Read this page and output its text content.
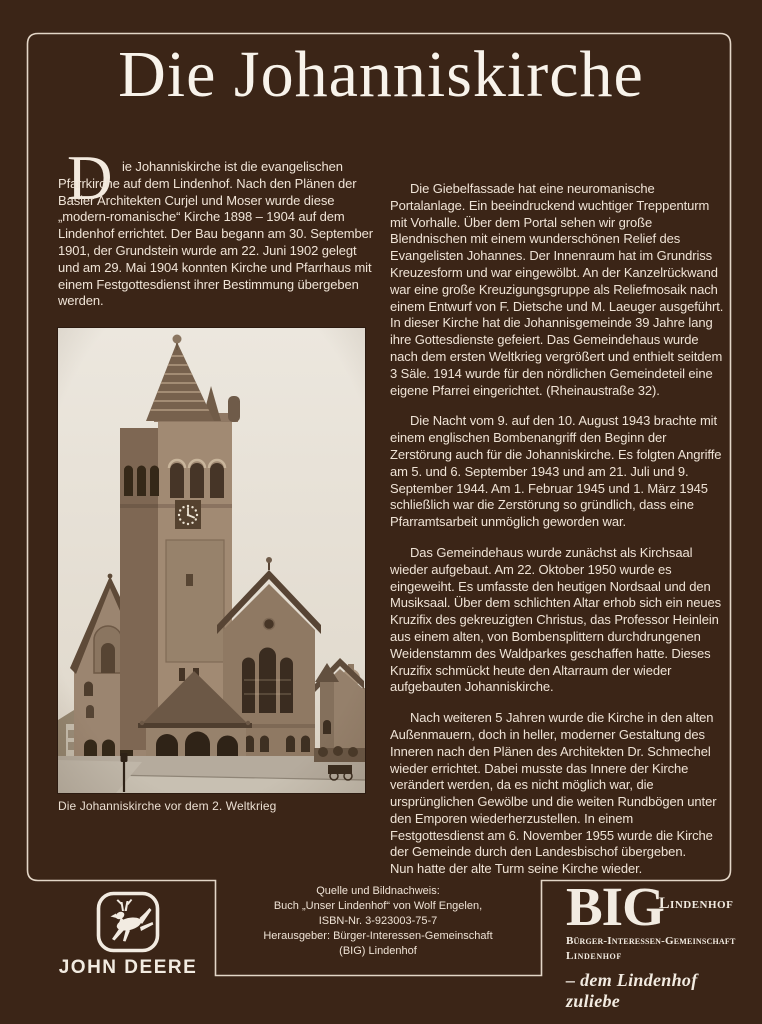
Die Johanniskirche
D ie Johanniskirche ist die evangelischen Pfarrkirche auf dem Lindenhof. Nach den Plänen der Basler Architekten Curjel und Moser wurde diese „modern-romanische“ Kirche 1898 – 1904 auf dem Lindenhof errichtet. Der Bau begann am 30. September 1901, der Grundstein wurde am 22. Juni 1902 gelegt und am 29. Mai 1904 konnten Kirche und Pfarrhaus mit einem Festgottesdienst ihrer Bestimmung übergeben werden.

Die Johanniskirche vor dem 2. Weltkrieg

Die Giebelfassade hat eine neuromanische Portalanlage. Ein beeindruckend wuchtiger Treppenturm mit Vorhalle. Über dem Portal sehen wir große Blendnischen mit einem wunderschönen Relief des Evangelisten Johannes. Der Innenraum hat im Grundriss Kreuzesform und war eingewölbt. An der Kanzelrückwand war eine große Kreuzigungsgruppe als Reliefmosaik nach einem Entwurf von F. Dietsche und M. Laeuger ausgeführt. In dieser Kirche hat die Johannisgemeinde 39 Jahre lang ihre Gottesdienste gefeiert. Das Gemeindehaus wurde nach dem ersten Weltkrieg vergrößert und enthielt seitdem 3 Säle. 1914 wurde für den nördlichen Gemeindeteil eine eigene Pfarrei eingerichtet. (Rheinaustraße 32).

Die Nacht vom 9. auf den 10. August 1943 brachte mit einem englischen Bombenangriff den Beginn der Zerstörung auch für die Johanniskirche. Es folgten Angriffe am 5. und 6. September 1943 und am 21. Juli und 9. September 1944. Am 1. Februar 1945 und 1. März 1945 schließlich war die Zerstörung so gründlich, dass eine Pfarramtsarbeit unmöglich geworden war.

Das Gemeindehaus wurde zunächst als Kirchsaal wieder aufgebaut. Am 22. Oktober 1950 wurde es eingeweiht. Es umfasste den heutigen Nordsaal und den Musiksaal. Über dem schlichten Altar erhob sich ein neues Kruzifix des gekreuzigten Christus, das Professor Heinlein aus einem alten, von Bombensplittern durchdrungenen Weidenstamm des Waldparkes geschaffen hatte. Dieses Kruzifix schmückt heute den Altarraum der wieder aufgebauten Johanniskirche.

Nach weiteren 5 Jahren wurde die Kirche in den alten Außenmauern, doch in heller, moderner Gestaltung des Inneren nach den Plänen des Architekten Dr. Schmechel wieder errichtet. Dabei musste das Innere der Kirche verändert werden, da es nicht möglich war, die ursprünglichen Gewölbe und die weiten Rundbögen unter den Emporen wiederherzustellen. In einem Festgottesdienst am 6. November 1955 wurde die Kirche der Gemeinde durch den Landesbischof übergeben.

Nun hatte der alte Turm seine Kirche wieder.

Quelle und Bildnachweis:
Buch „Unser Lindenhof“ von Wolf Engelen,
ISBN-Nr. 3-923003-75-7
Herausgeber: Bürger-Interessen-Gemeinschaft
(BIG) Lindenhof
JOHN DEERE
BIG
Lindenhof
Bürger-Interessen-Gemeinschaft
Lindenhof
– dem Lindenhof zuliebe
